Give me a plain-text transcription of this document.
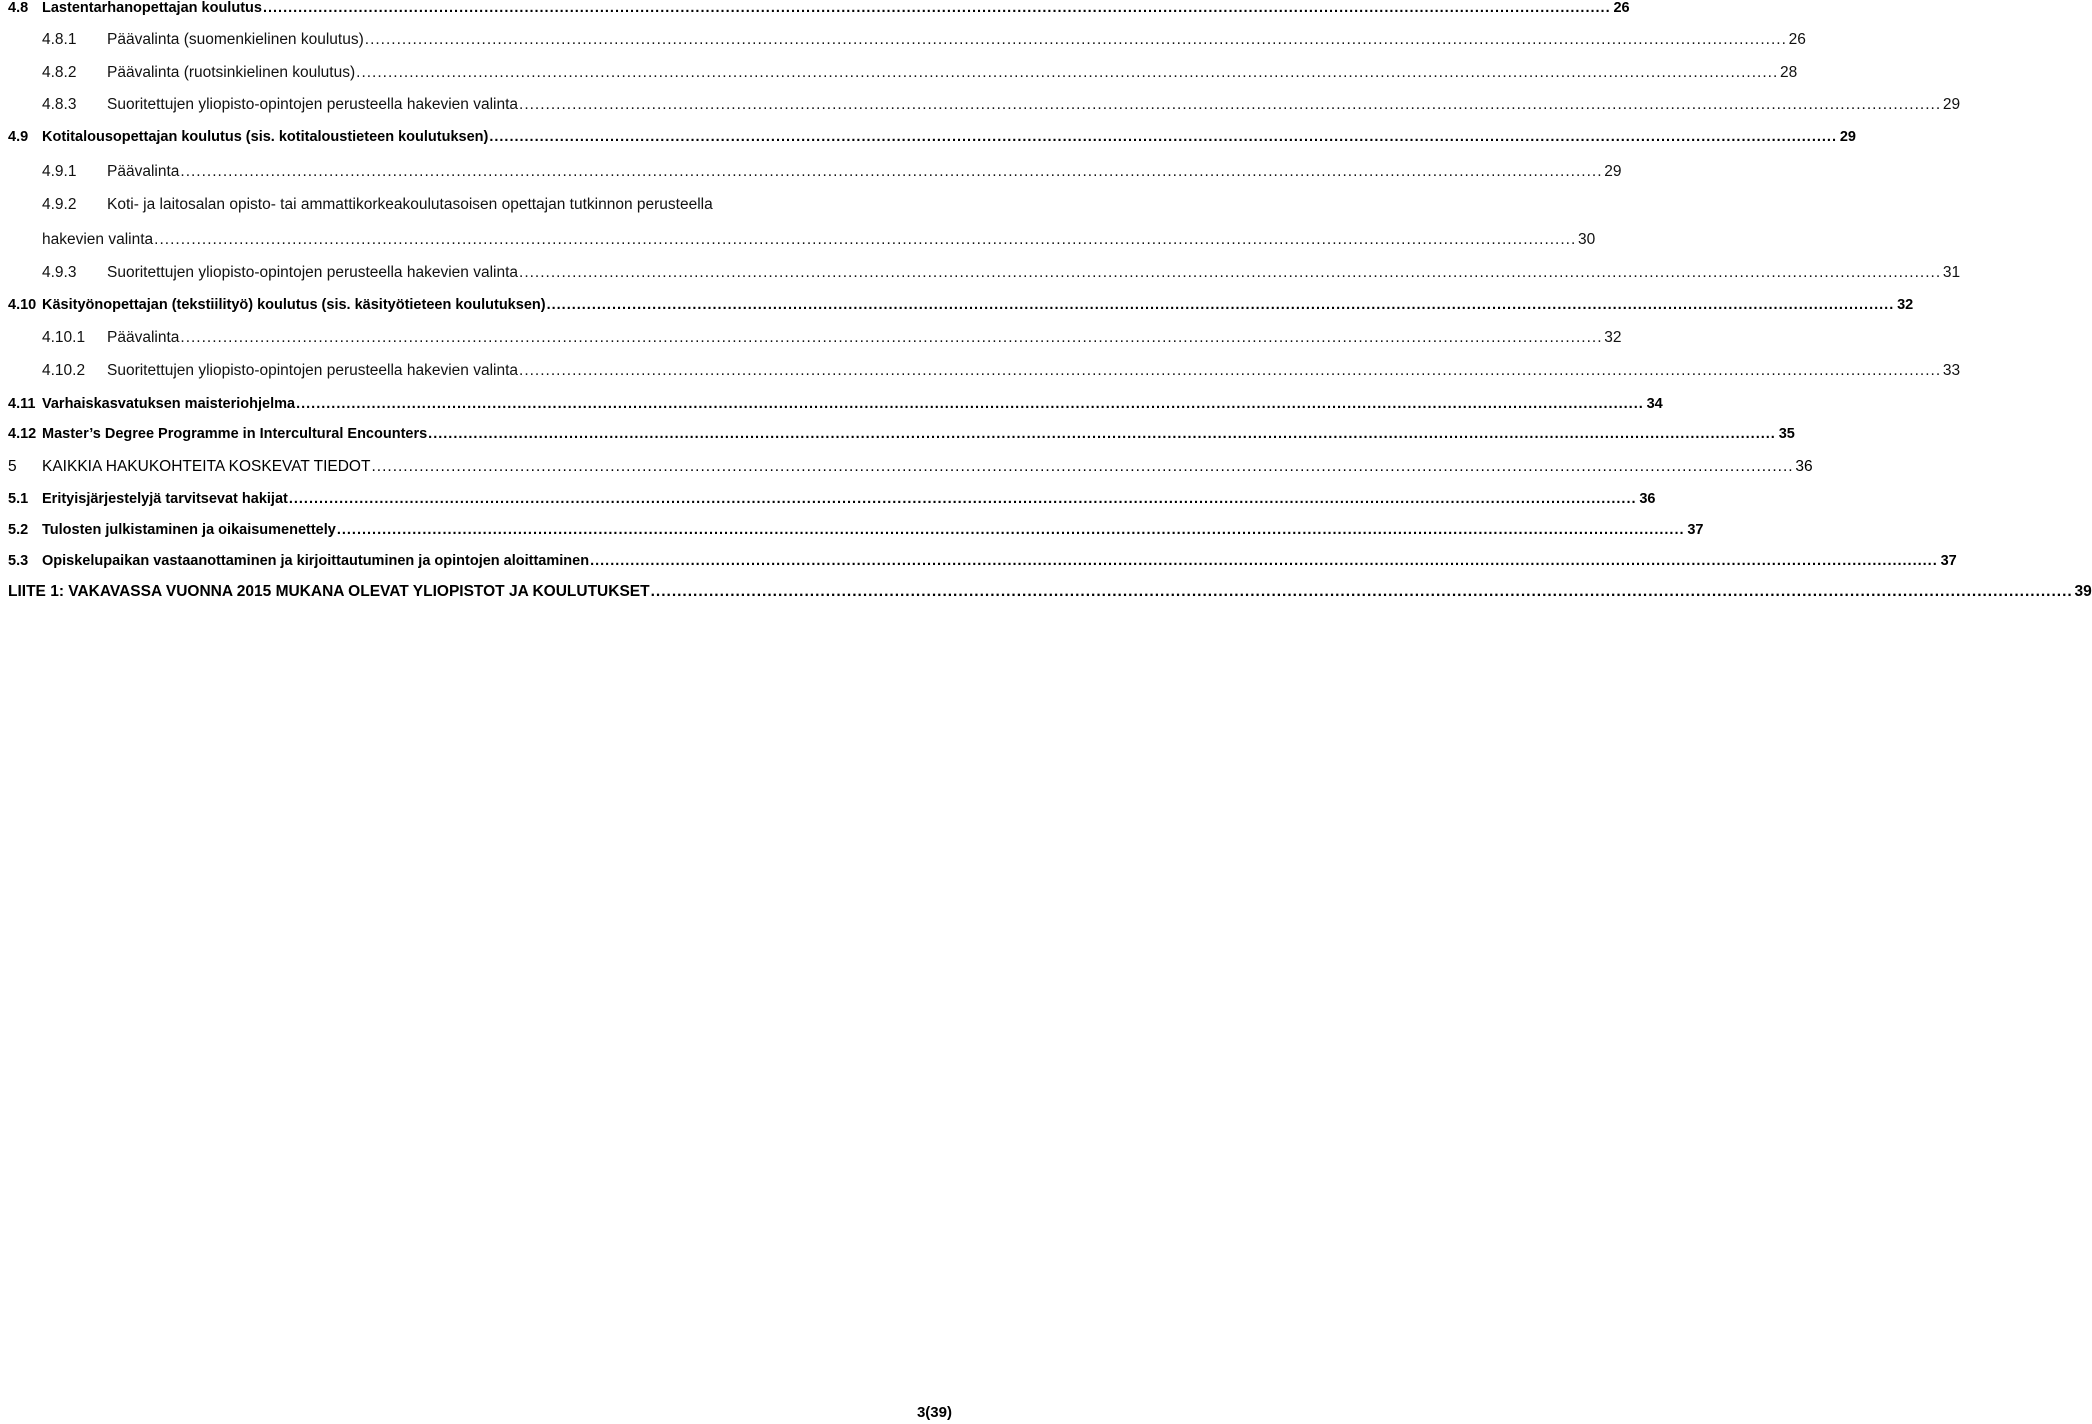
4.8 Lastentarhanopettajan koulutus .....	26
4.8.1	Päävalinta (suomenkielinen koulutus) .....	26
4.8.2	Päävalinta (ruotsinkielinen koulutus) .....	28
4.8.3	Suoritettujen yliopisto-opintojen perusteella hakevien valinta .....	29
4.9 Kotitalousopettajan koulutus (sis. kotitaloustieteen koulutuksen) .....	29
4.9.1	Päävalinta .....	29
4.9.2 Koti- ja laitosalan opisto- tai ammattikorkeakoulutasoisen opettajan tutkinnon perusteella
hakevien valinta .....	30
4.9.3	Suoritettujen yliopisto-opintojen perusteella hakevien valinta .....	31
4.10 Käsityönopettajan (tekstiilityö) koulutus (sis. käsityötieteen koulutuksen) .....	32
4.10.1	Päävalinta .....	32
4.10.2	Suoritettujen yliopisto-opintojen perusteella hakevien valinta .....	33
4.11 Varhaiskasvatuksen maisteriohjelma .....	34
4.12 Master’s Degree Programme in Intercultural Encounters .....	35
5	KAIKKIA HAKUKOHTEITA KOSKEVAT TIEDOT .....	36
5.1 Erityisjärjestelyjä tarvitsevat hakijat .....	36
5.2 Tulosten julkistaminen ja oikaisumenettely .....	37
5.3 Opiskelupaikan vastaanottaminen ja kirjoittautuminen ja opintojen aloittaminen .....	37
LIITE 1: VAKAVASSA VUONNA 2015 MUKANA OLEVAT YLIOPISTOT JA KOULUTUKSET .....	39
3(39)
